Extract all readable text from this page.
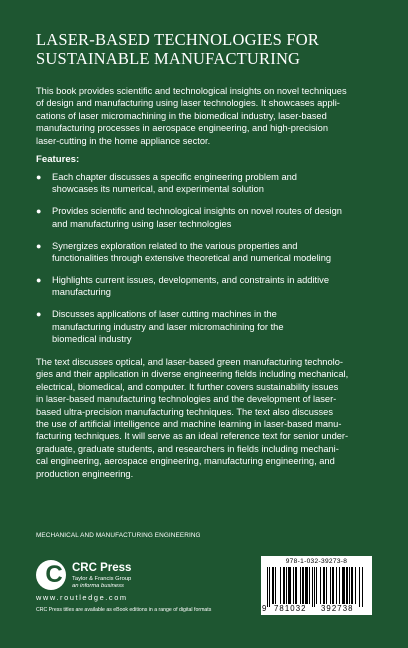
LASER-BASED TECHNOLOGIES FOR
SUSTAINABLE MANUFACTURING

This book provides scientific and technological insights on novel techniques
of design and manufacturing using laser technologies. It showcases appli-
cations of laser micromachining in the biomedical industry, laser-based
manufacturing processes in aerospace engineering, and high-precision
laser-cutting in the home appliance sector.

Features:

● Each chapter discusses a specific engineering problem and
showcases its numerical, and experimental solution
● Provides scientific and technological insights on novel routes of design
and manufacturing using laser technologies
● Synergizes exploration related to the various properties and
functionalities through extensive theoretical and numerical modeling
● Highlights current issues, developments, and constraints in additive
manufacturing
● Discusses applications of laser cutting machines in the
manufacturing industry and laser micromachining for the
biomedical industry

The text discusses optical, and laser-based green manufacturing technolo-
gies and their application in diverse engineering fields including mechanical,
electrical, biomedical, and computer. It further covers sustainability issues
in laser-based manufacturing technologies and the development of laser-
based ultra-precision manufacturing techniques. The text also discusses
the use of artificial intelligence and machine learning in laser-based manu-
facturing techniques. It will serve as an ideal reference text for senior under-
graduate, graduate students, and researchers in fields including mechani-
cal engineering, aerospace engineering, manufacturing engineering, and
production engineering.

MECHANICAL AND MANUFACTURING ENGINEERING

C CRC Press
Taylor & Francis Group
an informa business
www.routledge.com
CRC Press titles are available as eBook editions in a range of digital formats
978-1-032-39273-8
9 781032 392738
